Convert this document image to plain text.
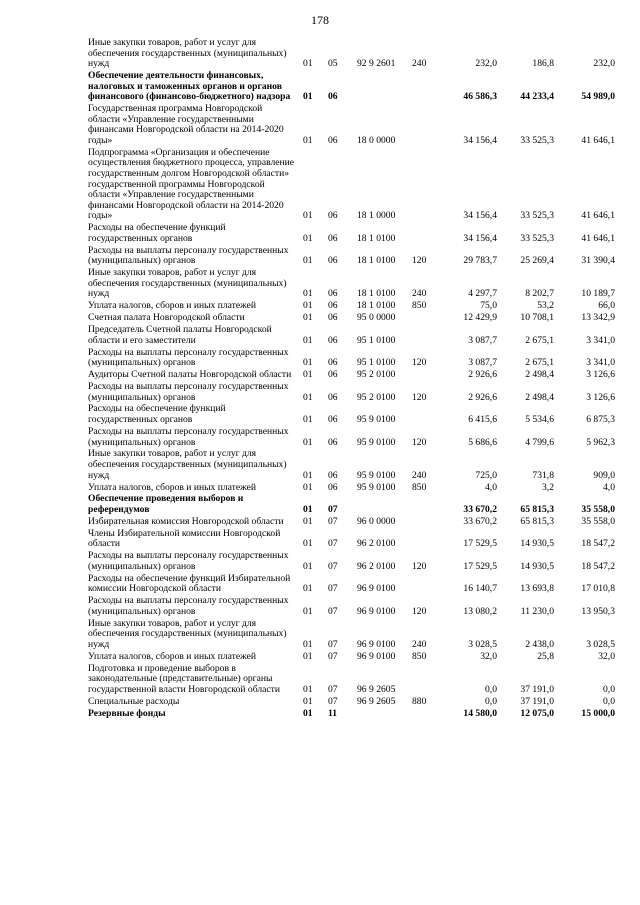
178
Иные закупки товаров, работ и услуг для обеспечения государственных (муниципальных) нужд	01	05	92 9 2601	240	232,0	186,8	232,0
Обеспечение деятельности финансовых, налоговых и таможенных органов и органов финансового (финансово-бюджетного) надзора	01	06			46 586,3	44 233,4	54 989,0
Государственная программа Новгородской области «Управление государственными финансами Новгородской области на 2014-2020 годы»	01	06	18 0 0000		34 156,4	33 525,3	41 646,1
Подпрограмма «Организация и обеспечение осуществления бюджетного процесса, управление государственным долгом Новгородской области» государственной программы Новгородской области «Управление государственными финансами Новгородской области на 2014-2020 годы»	01	06	18 1 0000		34 156,4	33 525,3	41 646,1
Расходы на обеспечение функций государственных органов	01	06	18 1 0100		34 156,4	33 525,3	41 646,1
Расходы на выплаты персоналу государственных (муниципальных) органов	01	06	18 1 0100	120	29 783,7	25 269,4	31 390,4
Иные закупки товаров, работ и услуг для обеспечения государственных (муниципальных) нужд	01	06	18 1 0100	240	4 297,7	8 202,7	10 189,7
Уплата налогов, сборов и иных платежей	01	06	18 1 0100	850	75,0	53,2	66,0
Счетная палата Новгородской области	01	06	95 0 0000		12 429,9	10 708,1	13 342,9
Председатель Счетной палаты Новгородской области и его заместители	01	06	95 1 0100		3 087,7	2 675,1	3 341,0
Расходы на выплаты персоналу государственных (муниципальных) органов	01	06	95 1 0100	120	3 087,7	2 675,1	3 341,0
Аудиторы Счетной палаты Новгородской области	01	06	95 2 0100		2 926,6	2 498,4	3 126,6
Расходы на выплаты персоналу государственных (муниципальных) органов	01	06	95 2 0100	120	2 926,6	2 498,4	3 126,6
Расходы на обеспечение функций государственных органов	01	06	95 9 0100		6 415,6	5 534,6	6 875,3
Расходы на выплаты персоналу государственных (муниципальных) органов	01	06	95 9 0100	120	5 686,6	4 799,6	5 962,3
Иные закупки товаров, работ и услуг для обеспечения государственных (муниципальных) нужд	01	06	95 9 0100	240	725,0	731,8	909,0
Уплата налогов, сборов и иных платежей	01	06	95 9 0100	850	4,0	3,2	4,0
Обеспечение проведения выборов и референдумов	01	07			33 670,2	65 815,3	35 558,0
Избирательная комиссия Новгородской области	01	07	96 0 0000		33 670,2	65 815,3	35 558,0
Члены Избирательной комиссии Новгородской области	01	07	96 2 0100		17 529,5	14 930,5	18 547,2
Расходы на выплаты персоналу государственных (муниципальных) органов	01	07	96 2 0100	120	17 529,5	14 930,5	18 547,2
Расходы на обеспечение функций Избирательной комиссии Новгородской области	01	07	96 9 0100		16 140,7	13 693,8	17 010,8
Расходы на выплаты персоналу государственных (муниципальных) органов	01	07	96 9 0100	120	13 080,2	11 230,0	13 950,3
Иные закупки товаров, работ и услуг для обеспечения государственных (муниципальных) нужд	01	07	96 9 0100	240	3 028,5	2 438,0	3 028,5
Уплата налогов, сборов и иных платежей	01	07	96 9 0100	850	32,0	25,8	32,0
Подготовка и проведение выборов в законодательные (представительные) органы государственной власти Новгородской области	01	07	96 9 2605		0,0	37 191,0	0,0
Специальные расходы	01	07	96 9 2605	880	0,0	37 191,0	0,0
Резервные фонды	01	11			14 580,0	12 075,0	15 000,0
